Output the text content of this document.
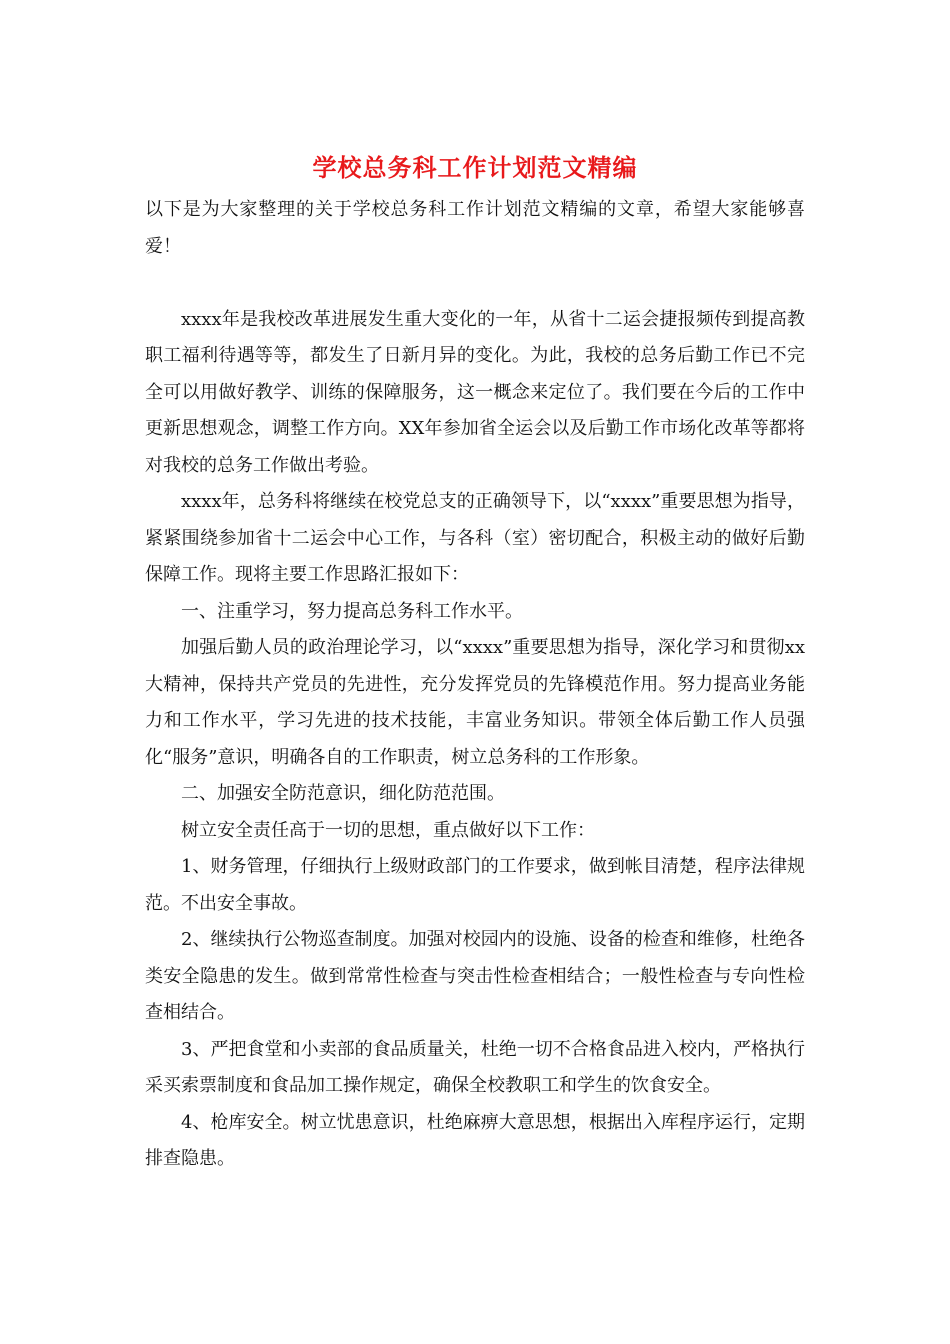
学校总务科工作计划范文精编

以下是为大家整理的关于学校总务科工作计划范文精编的文章，希望大家能够喜爱！

xxxx年是我校改革进展发生重大变化的一年，从省十二运会捷报频传到提高教职工福利待遇等等，都发生了日新月异的变化。为此，我校的总务后勤工作已不完全可以用做好教学、训练的保障服务，这一概念来定位了。我们要在今后的工作中更新思想观念，调整工作方向。XX年参加省全运会以及后勤工作市场化改革等都将对我校的总务工作做出考验。

xxxx年，总务科将继续在校党总支的正确领导下，以“xxxx”重要思想为指导，紧紧围绕参加省十二运会中心工作，与各科（室）密切配合，积极主动的做好后勤保障工作。现将主要工作思路汇报如下：

一、注重学习，努力提高总务科工作水平。

加强后勤人员的政治理论学习，以“xxxx”重要思想为指导，深化学习和贯彻xx大精神，保持共产党员的先进性，充分发挥党员的先锋模范作用。努力提高业务能力和工作水平，学习先进的技术技能，丰富业务知识。带领全体后勤工作人员强化“服务”意识，明确各自的工作职责，树立总务科的工作形象。

二、加强安全防范意识，细化防范范围。

树立安全责任高于一切的思想，重点做好以下工作：

1、财务管理，仔细执行上级财政部门的工作要求，做到帐目清楚，程序法律规范。不出安全事故。

2、继续执行公物巡查制度。加强对校园内的设施、设备的检查和维修，杜绝各类安全隐患的发生。做到常常性检查与突击性检查相结合；一般性检查与专向性检查相结合。

3、严把食堂和小卖部的食品质量关，杜绝一切不合格食品进入校内，严格执行采买索票制度和食品加工操作规定，确保全校教职工和学生的饮食安全。

4、枪库安全。树立忧患意识，杜绝麻痹大意思想，根据出入库程序运行，定期排查隐患。
